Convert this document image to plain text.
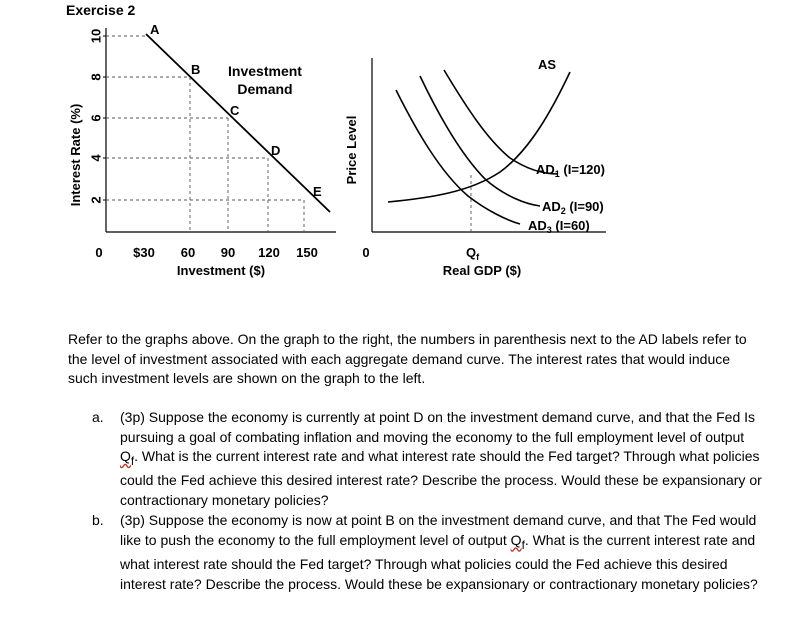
Exercise 2
10
8
6
4
2
Interest Rate (%)
0 $30 60 90 120 150
Investment ($)
A
B
C
D
E
Investment
Demand
Price Level
0	$Q_f$
Real GDP ($)
AS
$AD_1$ (I=120)
$AD_2$ (I=90)
$AD_3$ (I=60)
Refer to the graphs above. On the graph to the right, the numbers in parenthesis next to the AD labels refer to the level of investment associated with each aggregate demand curve. The interest rates that would induce such investment levels are shown on the graph to the left.
a.	(3p) Suppose the economy is currently at point D on the investment demand curve, and that the Fed Is pursuing a goal of combating inflation and moving the economy to the full employment level of output $Q_f$. What is the current interest rate and what interest rate should the Fed target? Through what policies could the Fed achieve this desired interest rate? Describe the process. Would these be expansionary or contractionary monetary policies?
b.	(3p) Suppose the economy is now at point B on the investment demand curve, and that The Fed would like to push the economy to the full employment level of output $Q_f$. What is the current interest rate and what interest rate should the Fed target? Through what policies could the Fed achieve this desired interest rate? Describe the process. Would these be expansionary or contractionary monetary policies?
